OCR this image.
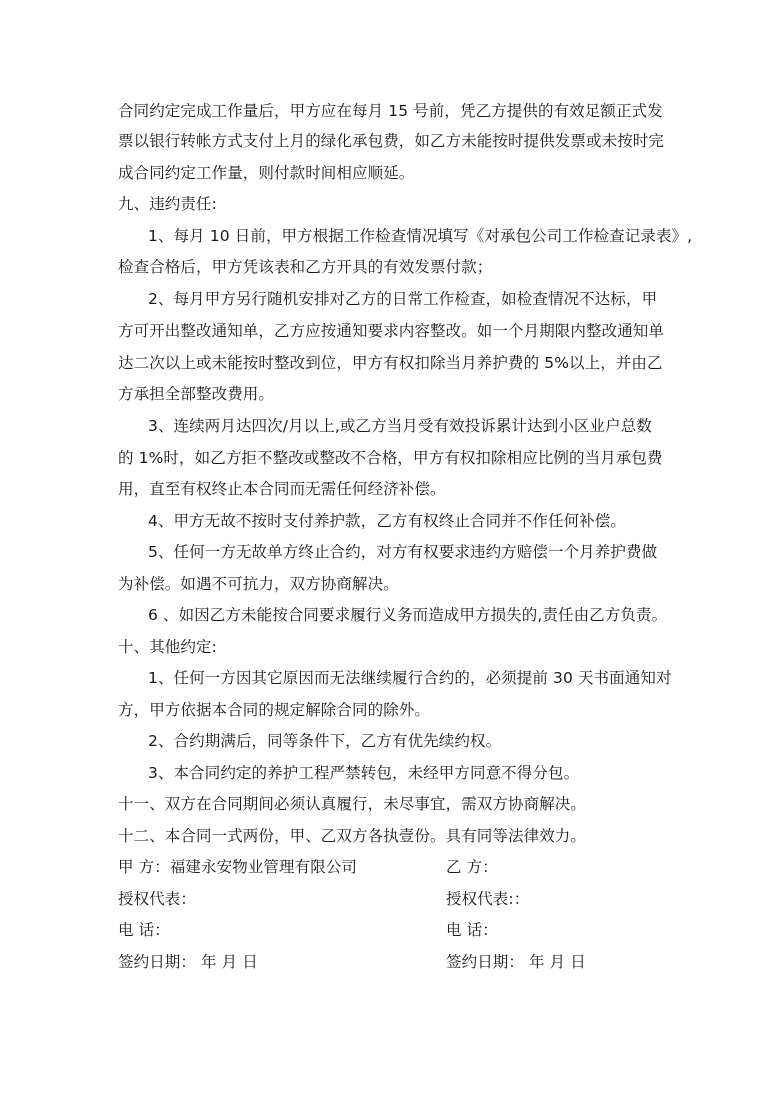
合同约定完成工作量后，甲方应在每月 15 号前，凭乙方提供的有效足额正式发
票以银行转帐方式支付上月的绿化承包费，如乙方未能按时提供发票或未按时完
成合同约定工作量，则付款时间相应顺延。
九、违约责任:
1、每月 10 日前，甲方根据工作检查情况填写《对承包公司工作检查记录表》,
检查合格后，甲方凭该表和乙方开具的有效发票付款；
2、每月甲方另行随机安排对乙方的日常工作检查，如检查情况不达标，甲
方可开出整改通知单，乙方应按通知要求内容整改。如一个月期限内整改通知单
达二次以上或未能按时整改到位，甲方有权扣除当月养护费的 5%以上，并由乙
方承担全部整改费用。
3、连续两月达四次/月以上,或乙方当月受有效投诉累计达到小区业户总数
的 1%时，如乙方拒不整改或整改不合格，甲方有权扣除相应比例的当月承包费
用，直至有权终止本合同而无需任何经济补偿。
4、甲方无故不按时支付养护款，乙方有权终止合同并不作任何补偿。
5、任何一方无故单方终止合约，对方有权要求违约方赔偿一个月养护费做
为补偿。如遇不可抗力，双方协商解决。
6 、如因乙方未能按合同要求履行义务而造成甲方损失的,责任由乙方负责。
十、其他约定:
1、任何一方因其它原因而无法继续履行合约的，必须提前 30 天书面通知对
方，甲方依据本合同的规定解除合同的除外。
2、合约期满后，同等条件下，乙方有优先续约权。
3、本合同约定的养护工程严禁转包，未经甲方同意不得分包。
十一、双方在合同期间必须认真履行，未尽事宜，需双方协商解决。
十二、本合同一式两份，甲、乙双方各执壹份。具有同等法律效力。
甲 方：福建永安物业管理有限公司	乙 方：
授权代表：	授权代表:：
电 话：	电 话：
签约日期： 年 月 日	签约日期： 年 月 日
